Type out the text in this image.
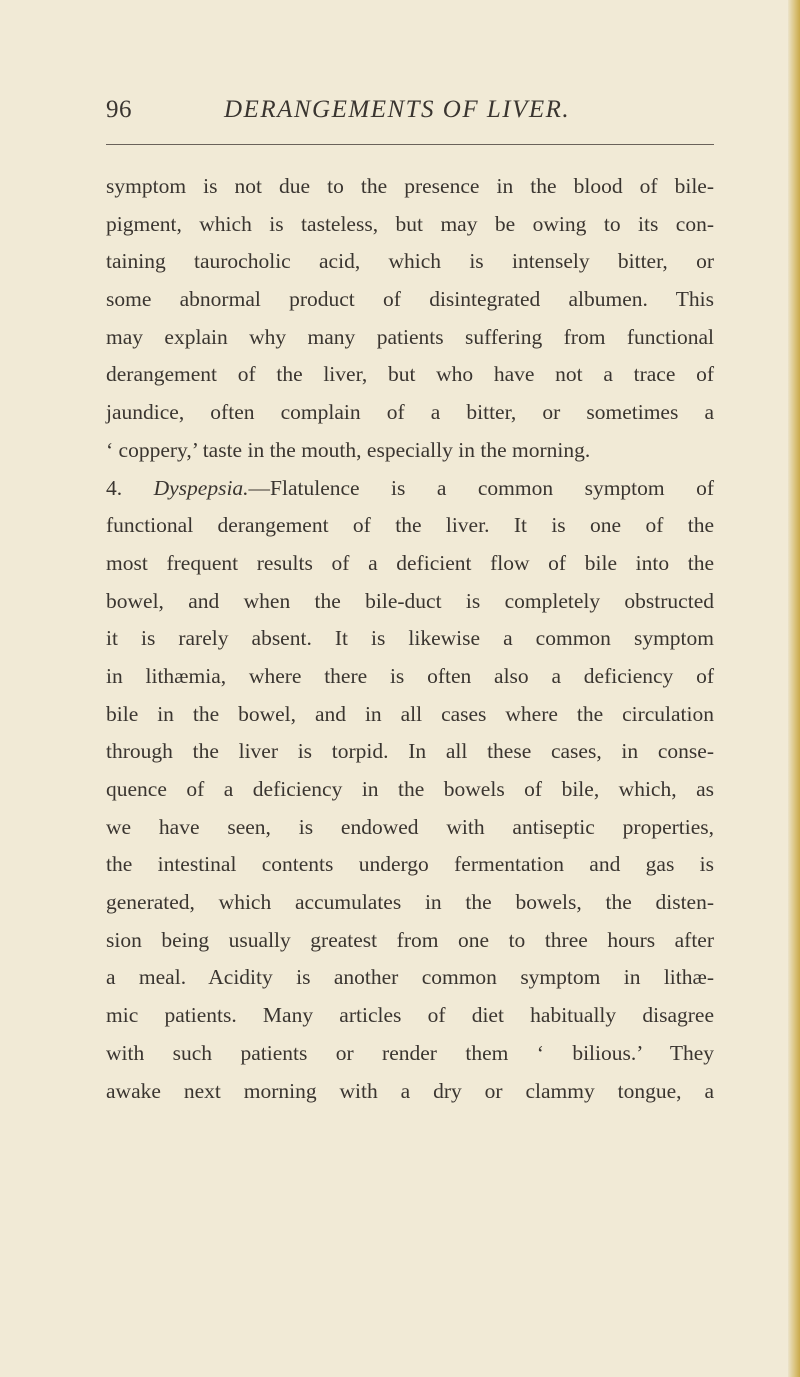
96	DERANGEMENTS OF LIVER.
symptom is not due to the presence in the blood of bile-
pigment, which is tasteless, but may be owing to its con-
taining taurocholic acid, which is intensely bitter, or
some abnormal product of disintegrated albumen. This
may explain why many patients suffering from functional
derangement of the liver, but who have not a trace of
jaundice, often complain of a bitter, or sometimes a
‘ coppery,’ taste in the mouth, especially in the morning.
4. Dyspepsia.—Flatulence is a common symptom of
functional derangement of the liver. It is one of the
most frequent results of a deficient flow of bile into the
bowel, and when the bile-duct is completely obstructed
it is rarely absent. It is likewise a common symptom
in lithæmia, where there is often also a deficiency of
bile in the bowel, and in all cases where the circulation
through the liver is torpid. In all these cases, in conse-
quence of a deficiency in the bowels of bile, which, as
we have seen, is endowed with antiseptic properties,
the intestinal contents undergo fermentation and gas is
generated, which accumulates in the bowels, the disten-
sion being usually greatest from one to three hours after
a meal. Acidity is another common symptom in lithæ-
mic patients. Many articles of diet habitually disagree
with such patients or render them ‘ bilious.’ They
awake next morning with a dry or clammy tongue, a
